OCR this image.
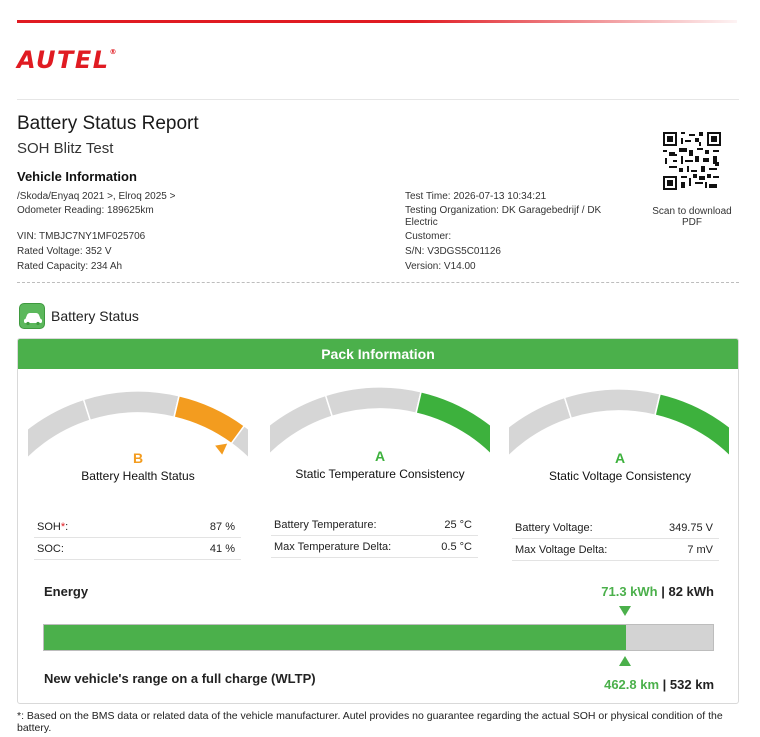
AUTEL®
Battery Status Report
SOH Blitz Test
Vehicle Information
/Skoda/Enyaq 2021 >, Elroq 2025 >
Odometer Reading: 189625km
VIN: TMBJC7NY1MF025706
Rated Voltage: 352 V
Rated Capacity: 234 Ah
Test Time: 2026-07-13 10:34:21
Testing Organization: DK Garagebedrijf / DK
Electric
Customer:
S/N: V3DGS5C01126
Version: V14.00
Scan to download
PDF
Battery Status
Pack Information
B	A	A
Battery Health Status	Static Temperature Consistency	Static Voltage Consistency
SOH*:	87 %
SOC:	41 %
Battery Temperature:	25 °C
Max Temperature Delta:	0.5 °C
Battery Voltage:	349.75 V
Max Voltage Delta:	7 mV
Energy	71.3 kWh | 82 kWh
New vehicle's range on a full charge (WLTP)	462.8 km | 532 km
*: Based on the BMS data or related data of the vehicle manufacturer. Autel provides no guarantee regarding the actual SOH or physical condition of the battery.
